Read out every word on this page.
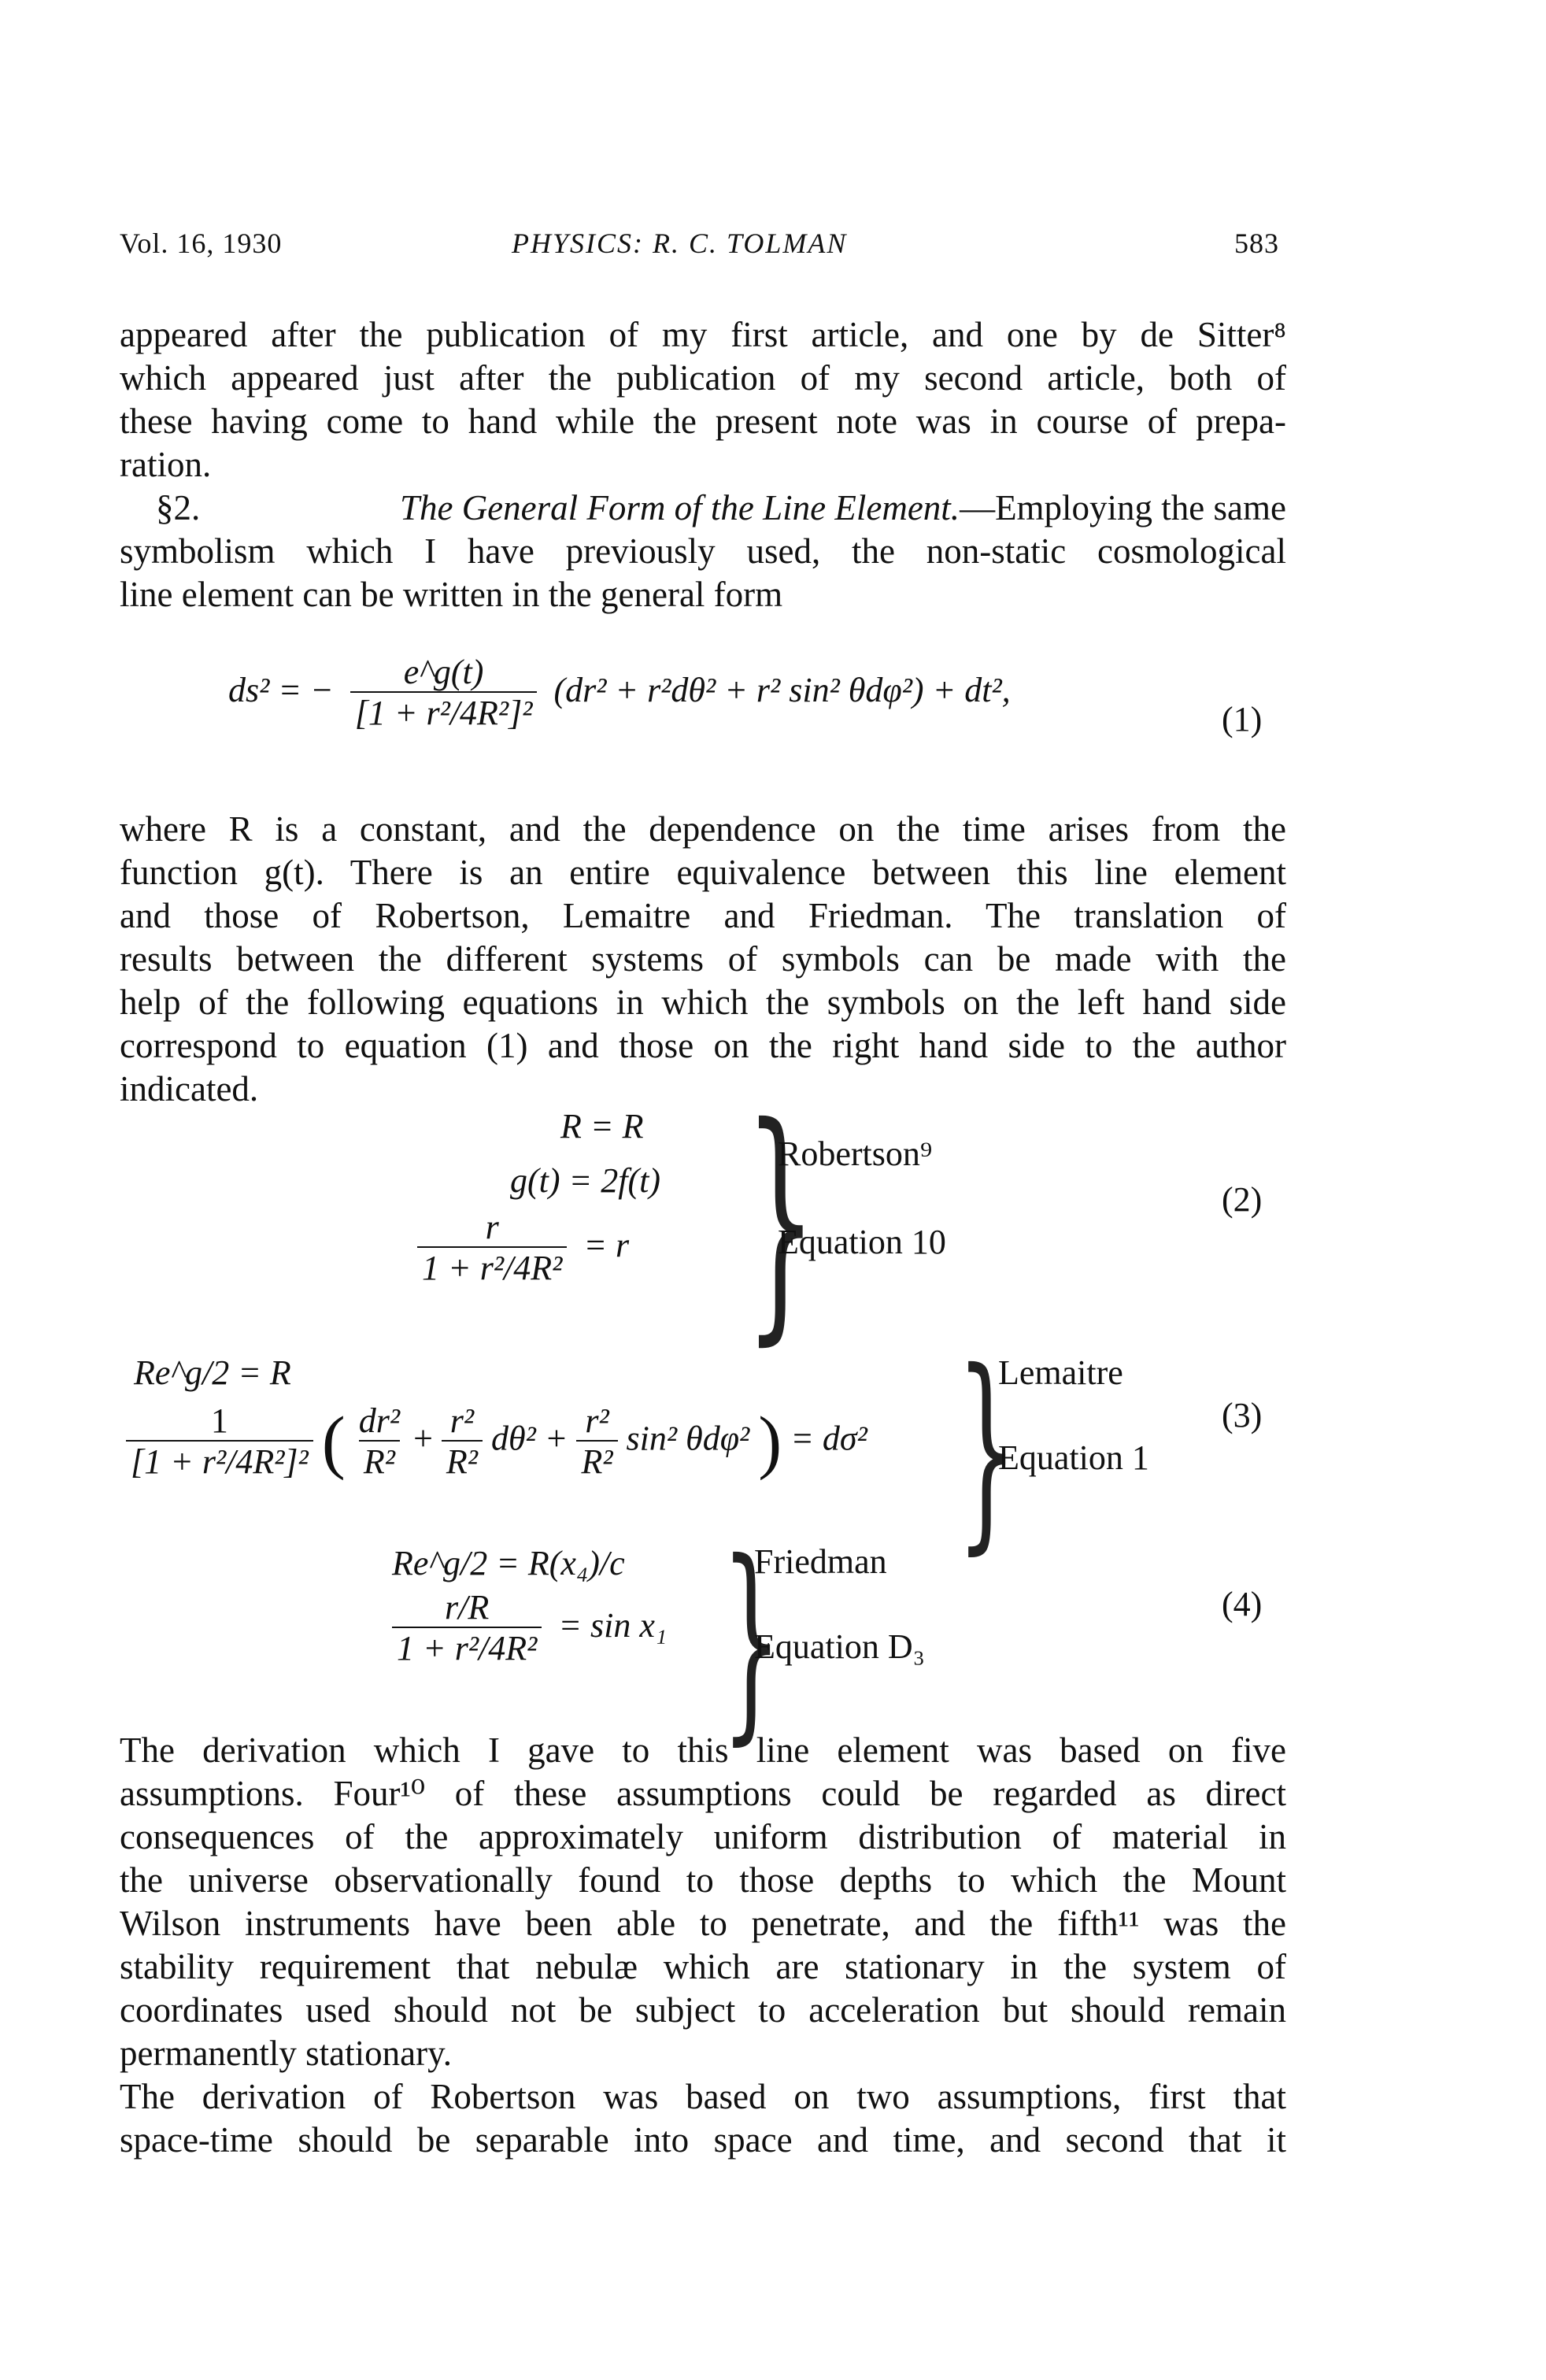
Vol. 16, 1930	PHYSICS: R. C. TOLMAN	583
appeared after the publication of my first article, and one by de Sitter⁸
which appeared just after the publication of my second article, both of
these having come to hand while the present note was in course of prepa-
ration.
§2.	The General Form of the Line Element.—Employing the same
symbolism which I have previously used, the non-static cosmological
line element can be written in the general form
ds² = − $\frac{e\^{}g(t)}{\text{[1 + r²/4R²]²}} (dr^2 + r^2d\theta^2 + r^2$ sin² θdφ²) + dt²,
(1)
where R is a constant, and the dependence on the time arises from the
function g(t). There is an entire equivalence between this line element
and those of Robertson, Lemaitre and Friedman. The translation of
results between the different systems of symbols can be made with the
help of the following equations in which the symbols on the left hand side
correspond to equation (1) and those on the right hand side to the author
indicated.
R = R
g(t) = 2f(t)
$\frac{r}{\text{1 + r²/4R²}} = r$ }
Robertson⁹
Equation 10
(2)
Re^g/2 = R
$\frac{1}{\text{[1 + r²/4R²]²}}$ ( $\frac{\text{dr²}}{\text{R²}} + \frac{\text{r²}}{\text{R²}} d\theta^2 + \frac{\text{r²}}{\text{R²}} \sin^2$ θdφ² ) = dσ² }
Lemaitre
Equation 1
(3)
Re^g/2 = R(x₄)/c
$\frac{r/R}{\text{1 + r²/4R²}} = \sin x_1$ }
Friedman
Equation D₃
(4)
The derivation which I gave to this line element was based on five
assumptions. Four¹⁰ of these assumptions could be regarded as direct
consequences of the approximately uniform distribution of material in
the universe observationally found to those depths to which the Mount
Wilson instruments have been able to penetrate, and the fifth¹¹ was the
stability requirement that nebulæ which are stationary in the system of
coordinates used should not be subject to acceleration but should remain
permanently stationary.
The derivation of Robertson was based on two assumptions, first that
space-time should be separable into space and time, and second that it
